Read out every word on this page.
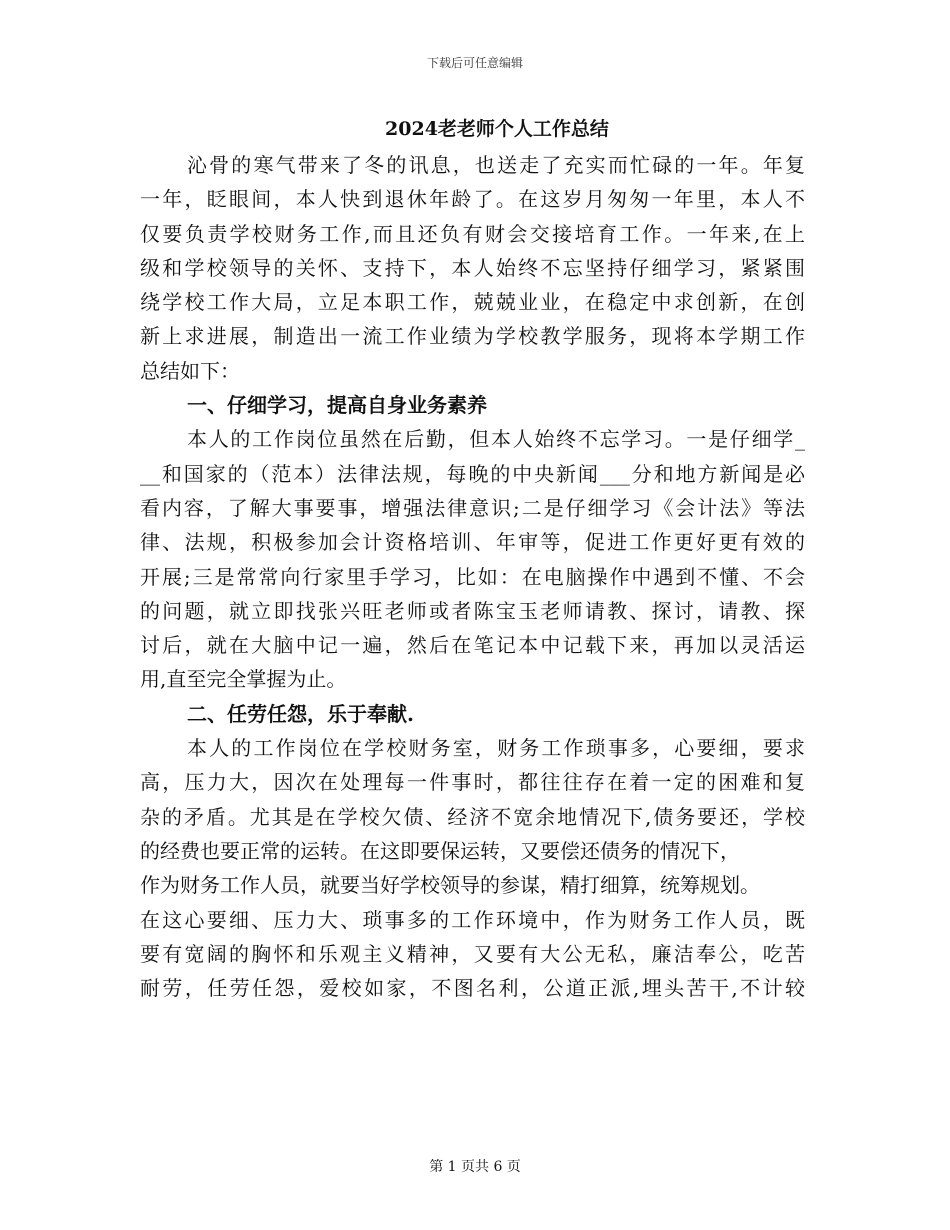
下载后可任意编辑
2024老老师个人工作总结
沁骨的寒气带来了冬的讯息，也送走了充实而忙碌的一年。年复
一年，眨眼间，本人快到退休年龄了。在这岁月匆匆一年里，本人不
仅要负责学校财务工作,而且还负有财会交接培育工作。一年来,在上
级和学校领导的关怀、支持下，本人始终不忘坚持仔细学习，紧紧围
绕学校工作大局，立足本职工作，兢兢业业，在稳定中求创新，在创
新上求进展，制造出一流工作业绩为学校教学服务，现将本学期工作
总结如下：
一、仔细学习，提高自身业务素养
本人的工作岗位虽然在后勤，但本人始终不忘学习。一是仔细学_
__和国家的（范本）法律法规，每晚的中央新闻___分和地方新闻是必
看内容，了解大事要事，增强法律意识;二是仔细学习《会计法》等法
律、法规，积极参加会计资格培训、年审等，促进工作更好更有效的
开展;三是常常向行家里手学习，比如：在电脑操作中遇到不懂、不会
的问题，就立即找张兴旺老师或者陈宝玉老师请教、探讨，请教、探
讨后，就在大脑中记一遍，然后在笔记本中记载下来，再加以灵活运
用,直至完全掌握为止。
二、任劳任怨，乐于奉献.
本人的工作岗位在学校财务室，财务工作琐事多，心要细，要求
高，压力大，因次在处理每一件事时，都往往存在着一定的困难和复
杂的矛盾。尤其是在学校欠债、经济不宽余地情况下,债务要还，学校
的经费也要正常的运转。在这即要保运转，又要偿还债务的情况下，
作为财务工作人员，就要当好学校领导的参谋，精打细算，统筹规划。
在这心要细、压力大、琐事多的工作环境中，作为财务工作人员，既
要有宽阔的胸怀和乐观主义精神，又要有大公无私，廉洁奉公，吃苦
耐劳，任劳任怨，爱校如家，不图名利，公道正派,埋头苦干,不计较
第 1 页共 6 页
